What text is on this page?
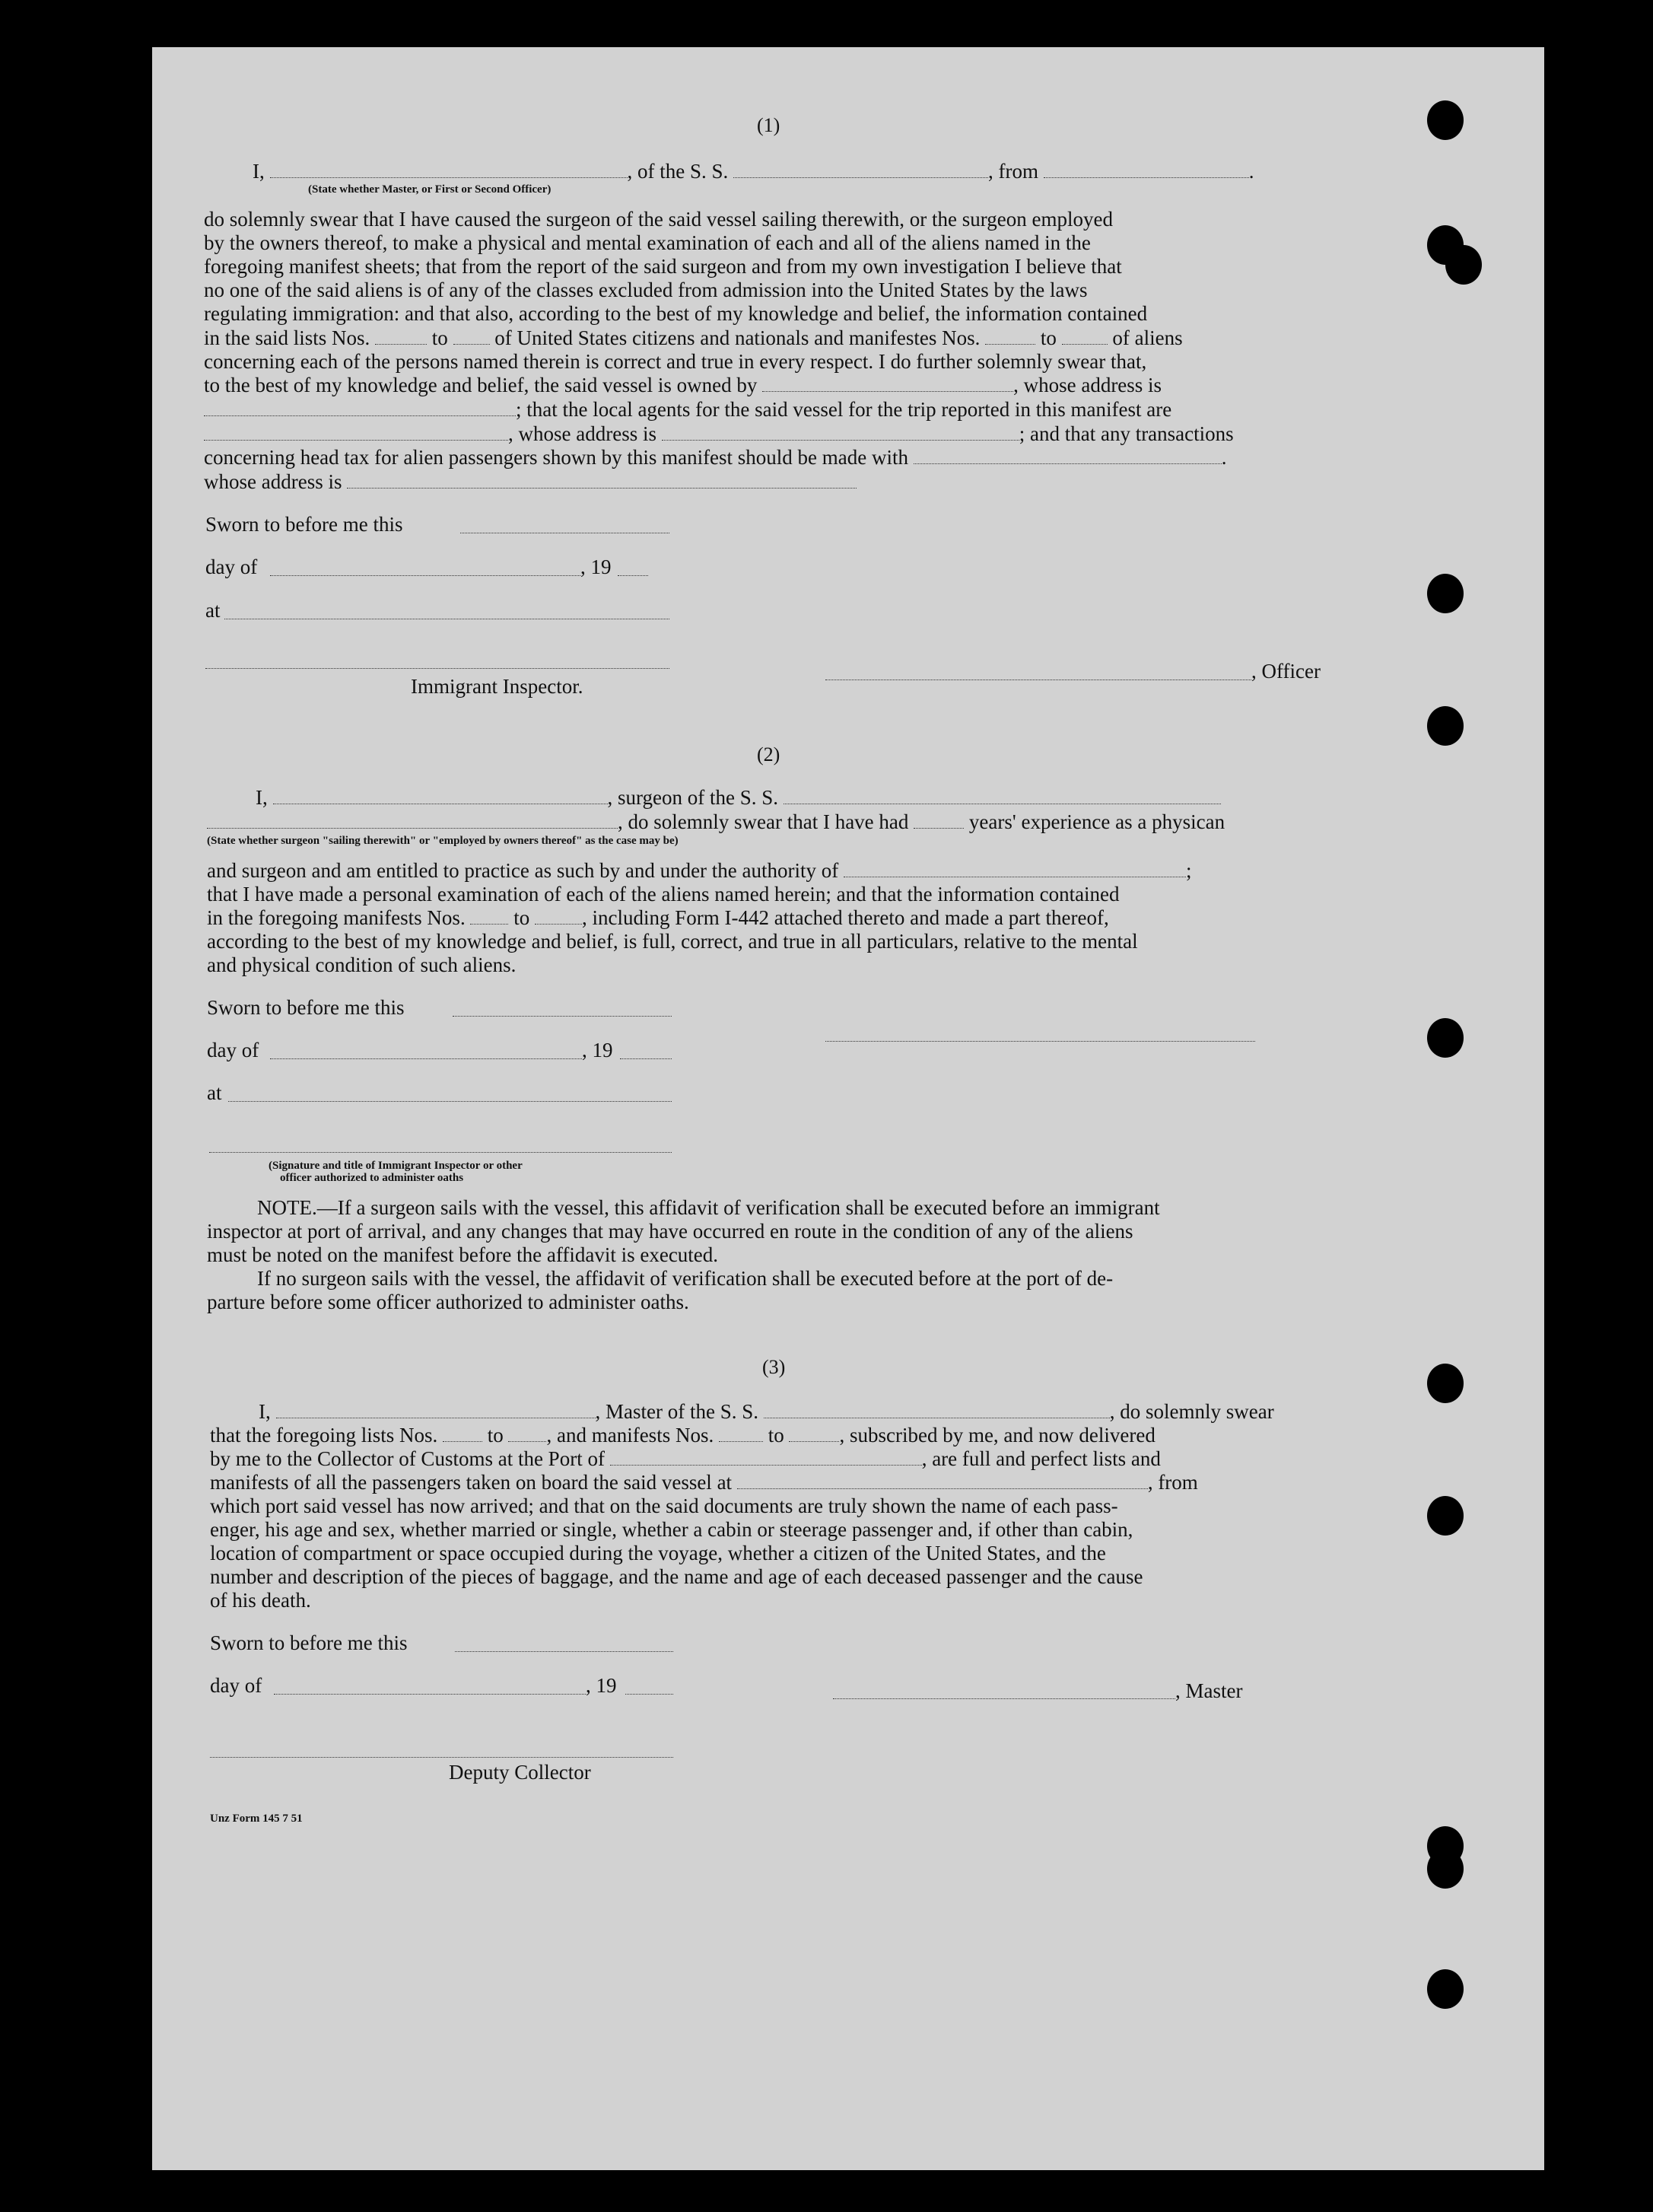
(1)
I,	, of the S. S.	, from	.
(State whether Master, or First or Second Officer)
do solemnly swear that I have caused the surgeon of the said vessel sailing therewith, or the surgeon employed
by the owners thereof, to make a physical and mental examination of each and all of the aliens named in the
foregoing manifest sheets; that from the report of the said surgeon and from my own investigation I believe that
no one of the said aliens is of any of the classes excluded from admission into the United States by the laws
regulating immigration: and that also, according to the best of my knowledge and belief, the information contained
in the said lists Nos.	to of United States citizens and nationals and manifestes Nos.	to	of aliens
concerning each of the persons named therein is correct and true in every respect. I do further solemnly swear that,
to the best of my knowledge and belief, the said vessel is owned by	, whose address is
; that the local agents for the said vessel for the trip reported in this manifest are
, whose address is	; and that any transactions
concerning head tax for alien passengers shown by this manifest should be made with	.
whose address is
Sworn to before me this
day of	, 19
at
, Officer
Immigrant Inspector.
(2)
I,	, surgeon of the S. S.
, do solemnly swear that I have had	years' experience as a physican
(State whether surgeon "sailing therewith" or "employed by owners thereof" as the case may be)
and surgeon and am entitled to practice as such by and under the authority of	;
that I have made a personal examination of each of the aliens named herein; and that the information contained
in the foregoing manifests Nos. to	, including Form I-442 attached thereto and made a part thereof,
according to the best of my knowledge and belief, is full, correct, and true in all particulars, relative to the mental
and physical condition of such aliens.
Sworn to before me this
day of	, 19
at
(Signature and title of Immigrant Inspector or other
officer authorized to administer oaths
NOTE.—If a surgeon sails with the vessel, this affidavit of verification shall be executed before an immigrant
inspector at port of arrival, and any changes that may have occurred en route in the condition of any of the aliens
must be noted on the manifest before the affidavit is executed.
If no surgeon sails with the vessel, the affidavit of verification shall be executed before at the port of de-
parture before some officer authorized to administer oaths.
(3)
I,	, Master of the S. S.	, do solemnly swear
that the foregoing lists Nos. to , and manifests Nos.	to	, subscribed by me, and now delivered
by me to the Collector of Customs at the Port of	, are full and perfect lists and
manifests of all the passengers taken on board the said vessel at	, from
which port said vessel has now arrived; and that on the said documents are truly shown the name of each pass-
enger, his age and sex, whether married or single, whether a cabin or steerage passenger and, if other than cabin,
location of compartment or space occupied during the voyage, whether a citizen of the United States, and the
number and description of the pieces of baggage, and the name and age of each deceased passenger and the cause
of his death.
Sworn to before me this
day of	, 19	, Master
Deputy Collector
Unz Form 145 7 51
